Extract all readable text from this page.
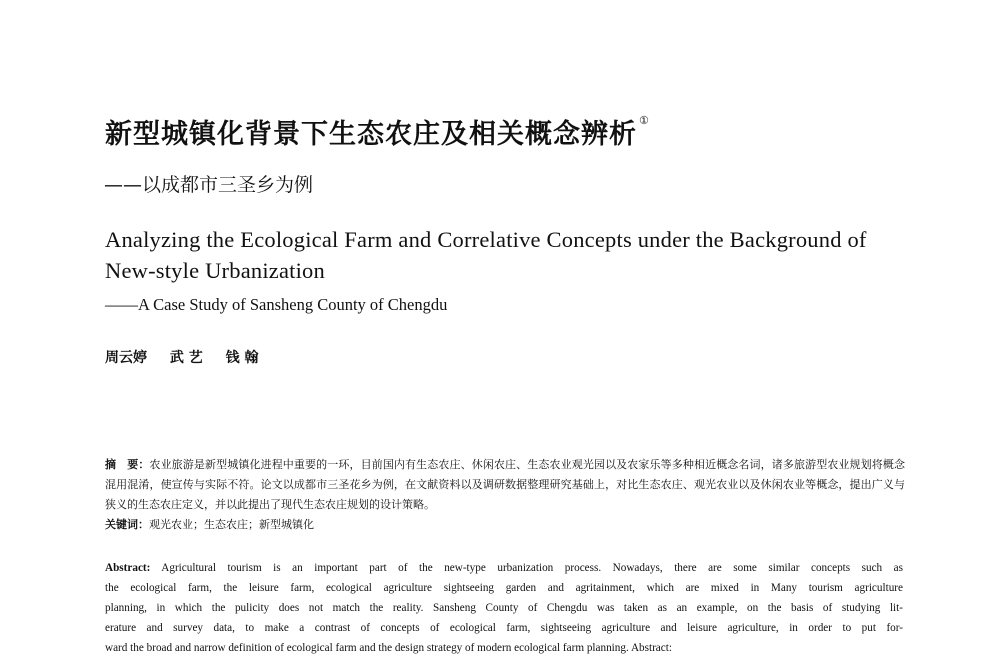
新型城镇化背景下生态农庄及相关概念辨析 ①
——以成都市三圣乡为例
Analyzing the Ecological Farm and Correlative Concepts under the Background of New-style Urbanization
——A Case Study of Sansheng County of Chengdu
周云婷 武 艺 钱 翰
摘　要：农业旅游是新型城镇化进程中重要的一环，目前国内有生态农庄、休闲农庄、生态农业观光园以及农家乐等多种相近概念名词，诸多旅游型农业规划将概念混用混淆，使宣传与实际不符。论文以成都市三圣花乡为例，在文献资料以及调研数据整理研究基础上，对比生态农庄、观光农业以及休闲农业等概念，提出广义与狭义的生态农庄定义，并以此提出了现代生态农庄规划的设计策略。
关键词：观光农业；生态农庄；新型城镇化
Abstract: Agricultural tourism is an important part of the new-type urbanization process. Nowadays, there are some similar concepts such as
the ecological farm, the leisure farm, ecological agriculture sightseeing garden and agritainment, which are mixed in Many tourism agriculture
planning, in which the pulicity does not match the reality. Sansheng County of Chengdu was taken as an example, on the basis of studying lit-
erature and survey data, to make a contrast of concepts of ecological farm, sightseeing agriculture and leisure agriculture, in order to put for-
ward the broad and narrow definition of ecological farm and the design strategy of modern ecological farm planning. Abstract:
